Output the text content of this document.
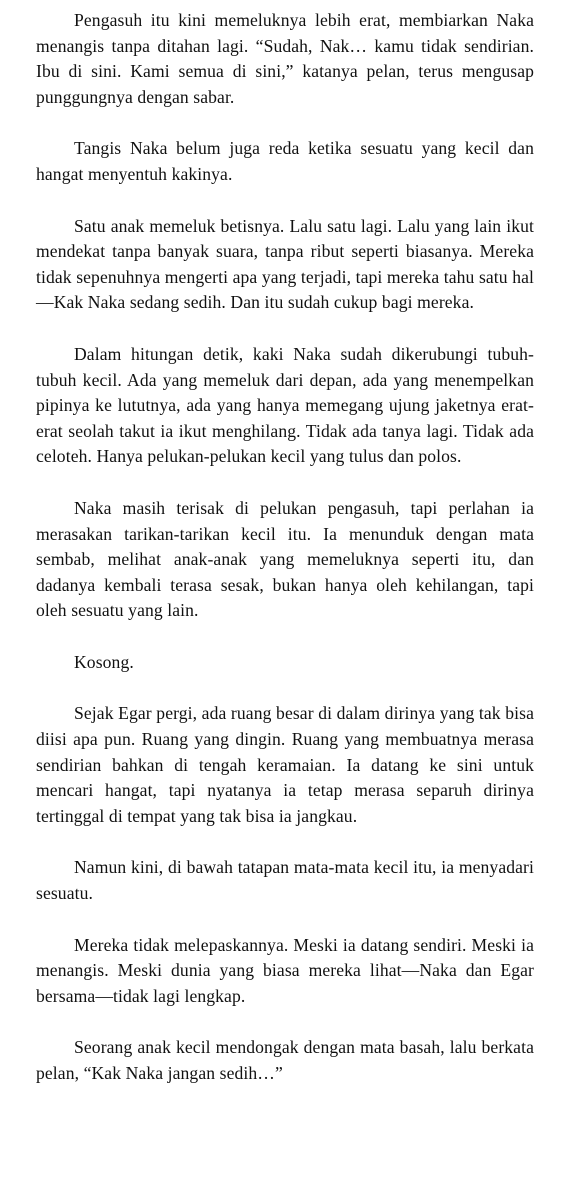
Pengasuh itu kini memeluknya lebih erat, membiarkan Naka menangis tanpa ditahan lagi. “Sudah, Nak… kamu tidak sendirian. Ibu di sini. Kami semua di sini,” katanya pelan, terus mengusap punggungnya dengan sabar.

Tangis Naka belum juga reda ketika sesuatu yang kecil dan hangat menyentuh kakinya.

Satu anak memeluk betisnya. Lalu satu lagi. Lalu yang lain ikut mendekat tanpa banyak suara, tanpa ribut seperti biasanya. Mereka tidak sepenuhnya mengerti apa yang terjadi, tapi mereka tahu satu hal—Kak Naka sedang sedih. Dan itu sudah cukup bagi mereka.

Dalam hitungan detik, kaki Naka sudah dikerubungi tubuh-tubuh kecil. Ada yang memeluk dari depan, ada yang menempelkan pipinya ke lututnya, ada yang hanya memegang ujung jaketnya erat-erat seolah takut ia ikut menghilang. Tidak ada tanya lagi. Tidak ada celoteh. Hanya pelukan-pelukan kecil yang tulus dan polos.

Naka masih terisak di pelukan pengasuh, tapi perlahan ia merasakan tarikan-tarikan kecil itu. Ia menunduk dengan mata sembab, melihat anak-anak yang memeluknya seperti itu, dan dadanya kembali terasa sesak, bukan hanya oleh kehilangan, tapi oleh sesuatu yang lain.

Kosong.

Sejak Egar pergi, ada ruang besar di dalam dirinya yang tak bisa diisi apa pun. Ruang yang dingin. Ruang yang membuatnya merasa sendirian bahkan di tengah keramaian. Ia datang ke sini untuk mencari hangat, tapi nyatanya ia tetap merasa separuh dirinya tertinggal di tempat yang tak bisa ia jangkau.

Namun kini, di bawah tatapan mata-mata kecil itu, ia menyadari sesuatu.

Mereka tidak melepaskannya. Meski ia datang sendiri. Meski ia menangis. Meski dunia yang biasa mereka lihat—Naka dan Egar bersama—tidak lagi lengkap.

Seorang anak kecil mendongak dengan mata basah, lalu berkata pelan, “Kak Naka jangan sedih…”
